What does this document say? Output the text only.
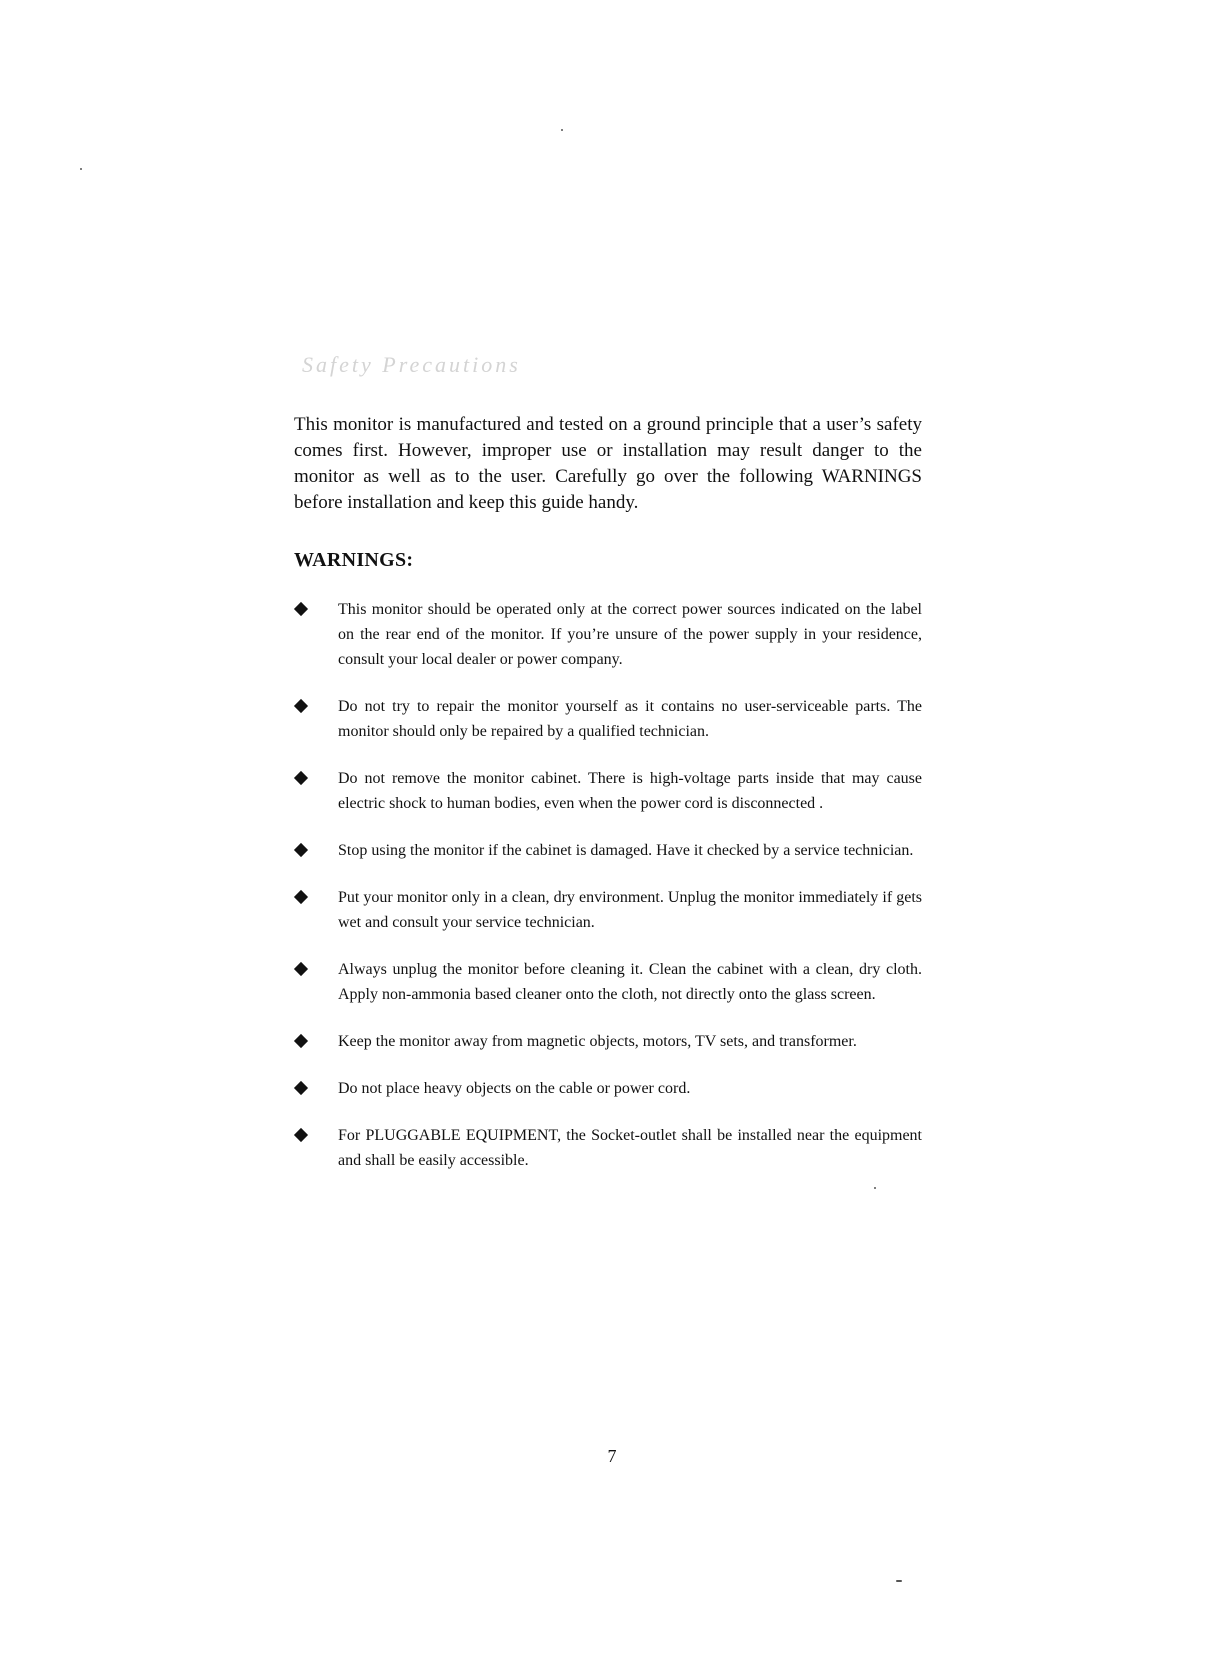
Safety Precautions

This monitor is manufactured and tested on a ground principle that a user’s safety comes first. However, improper use or installation may result danger to the monitor as well as to the user. Carefully go over the following WARNINGS before installation and keep this guide handy.

WARNINGS:
This monitor should be operated only at the correct power sources indicated on the label on the rear end of the monitor. If you’re unsure of the power supply in your residence, consult your local dealer or power company.
Do not try to repair the monitor yourself as it contains no user-serviceable parts. The monitor should only be repaired by a qualified technician.
Do not remove the monitor cabinet. There is high-voltage parts inside that may cause electric shock to human bodies, even when the power cord is disconnected .
Stop using the monitor if the cabinet is damaged. Have it checked by a service technician.
Put your monitor only in a clean, dry environment. Unplug the monitor immediately if gets wet and consult your service technician.
Always unplug the monitor before cleaning it. Clean the cabinet with a clean, dry cloth. Apply non-ammonia based cleaner onto the cloth, not directly onto the glass screen.
Keep the monitor away from magnetic objects, motors, TV sets, and transformer.
Do not place heavy objects on the cable or power cord.
For PLUGGABLE EQUIPMENT, the Socket-outlet shall be installed near the equipment and shall be easily accessible.
7
